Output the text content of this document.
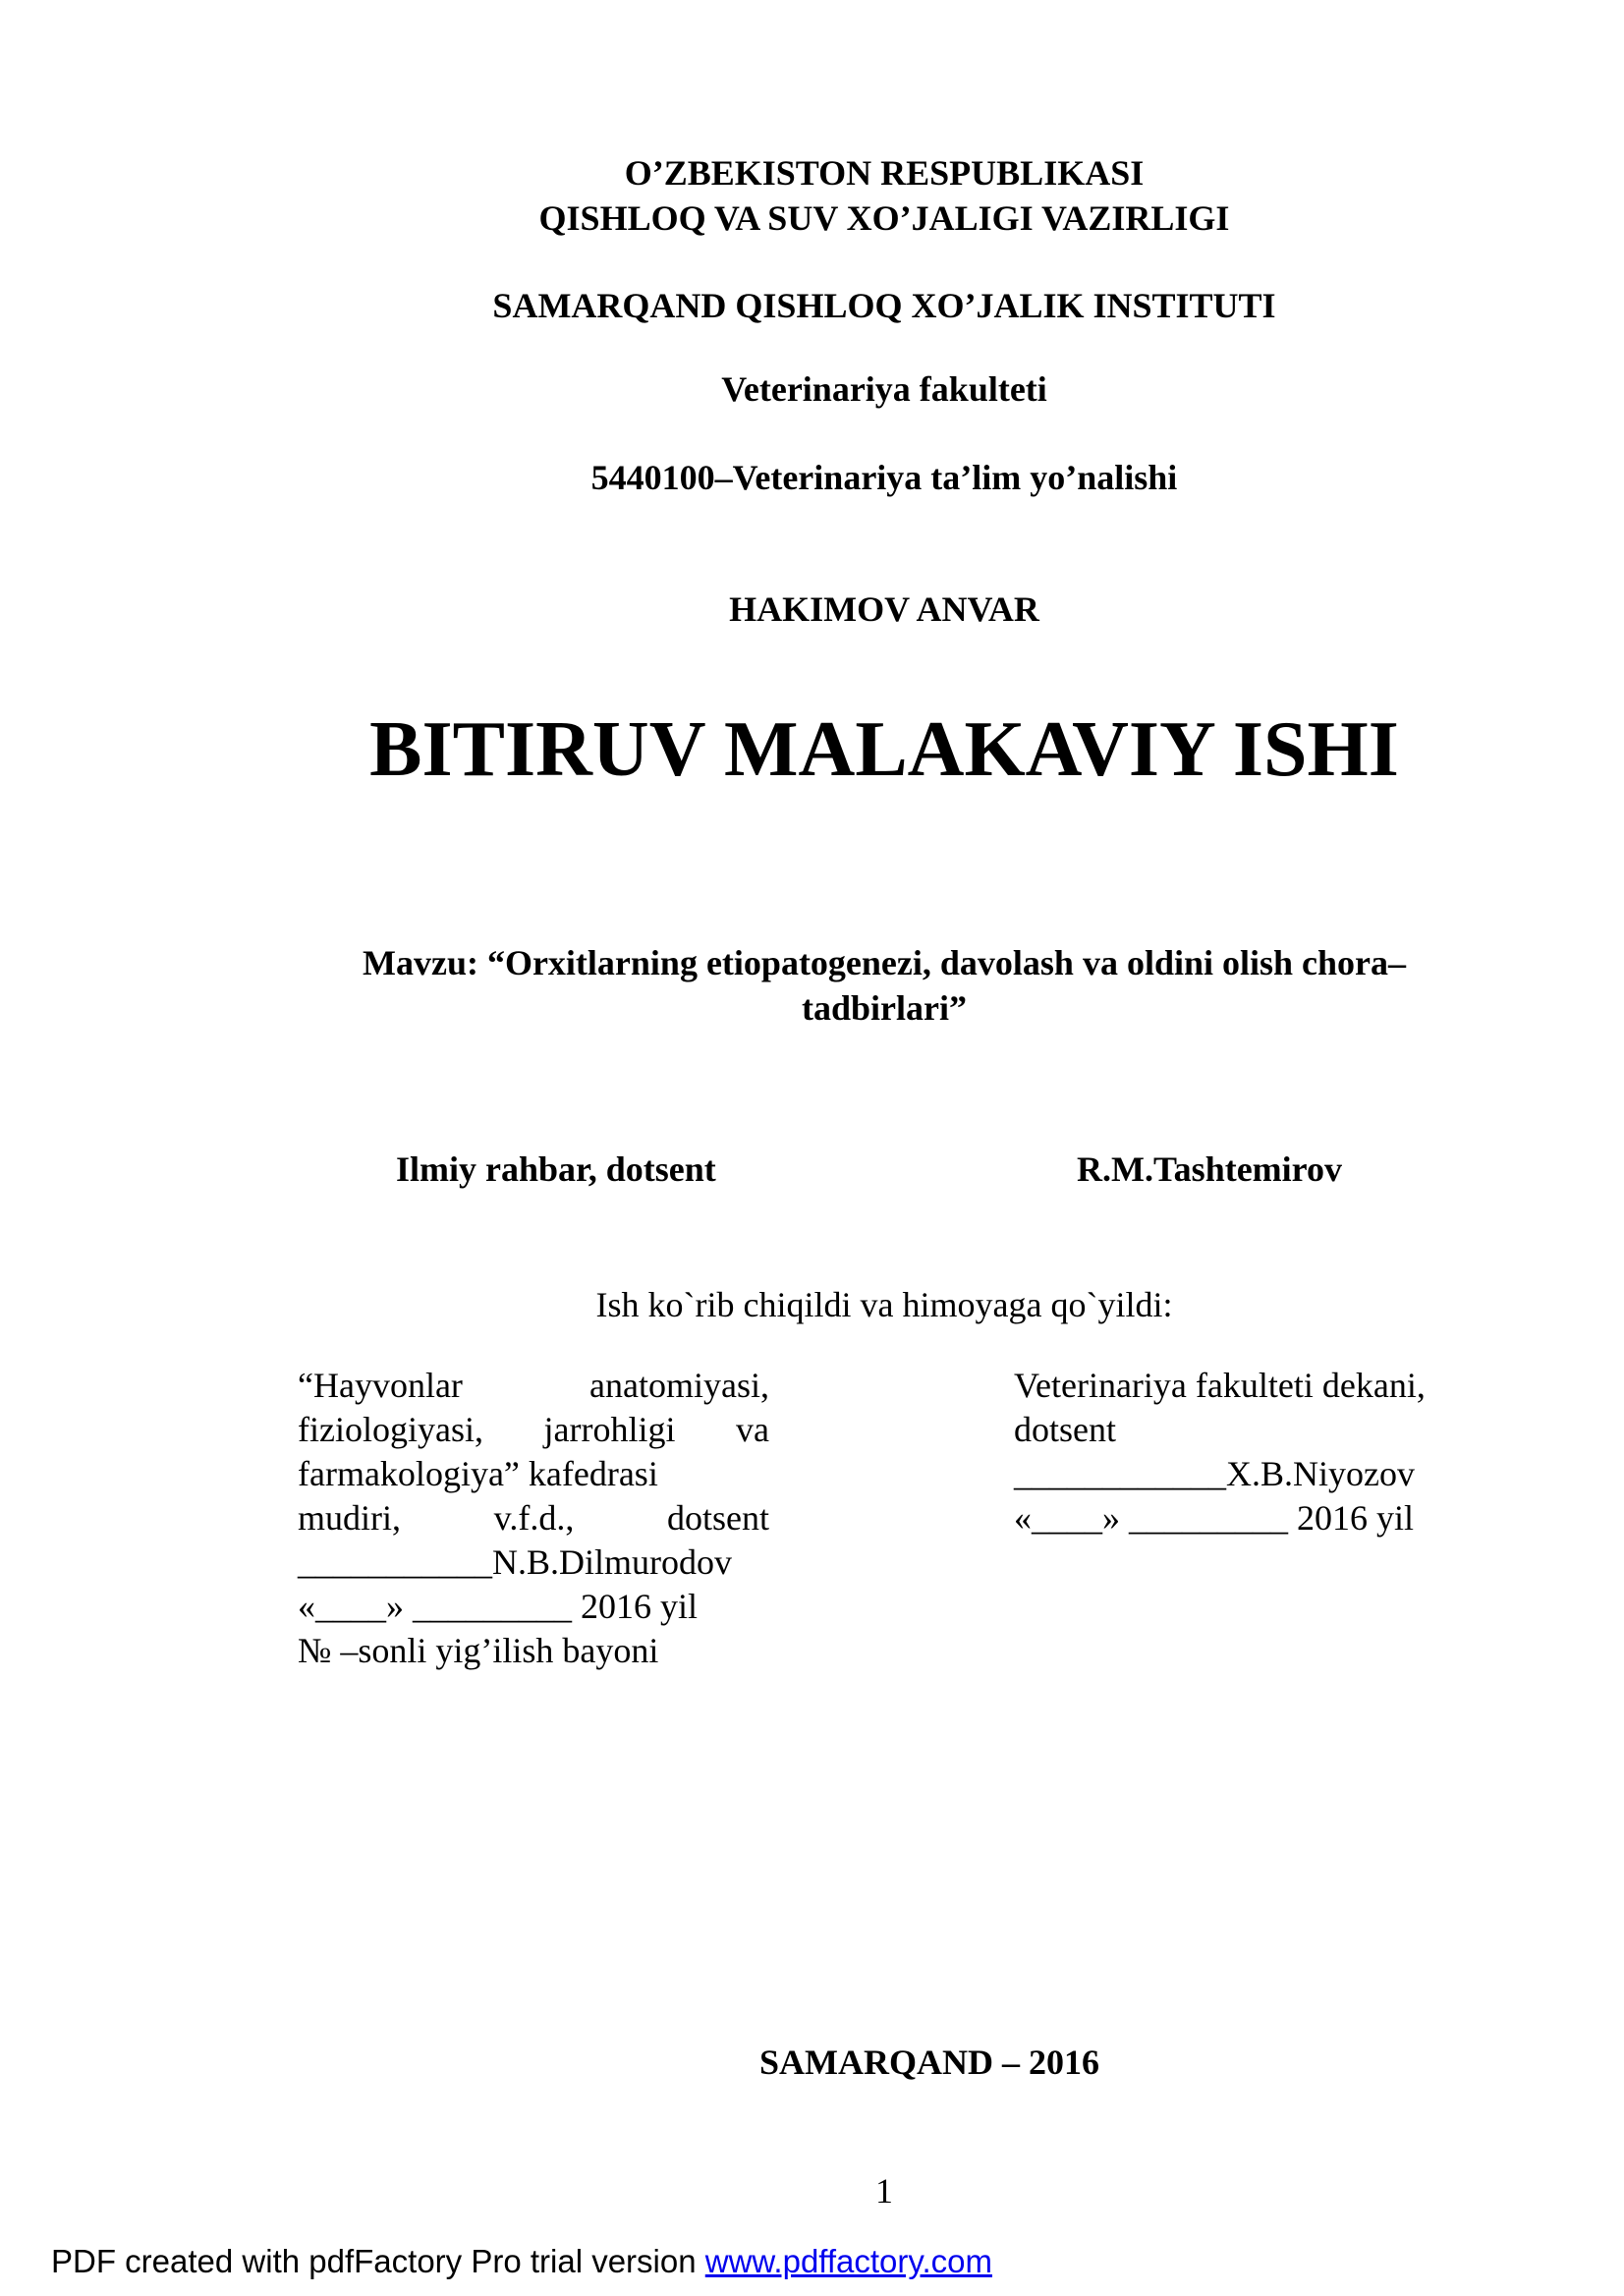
O’ZBEKISTON RESPUBLIKASI
QISHLOQ VA SUV XO’JALIGI VAZIRLIGI
SAMARQAND QISHLOQ XO’JALIK INSTITUTI
Veterinariya fakulteti
5440100–Veterinariya ta’lim yo’nalishi
HAKIMOV ANVAR
BITIRUV MALAKAVIY ISHI
Mavzu: “Orxitlarning etiopatogenezi, davolash va oldini olish chora–
tadbirlari”
Ilmiy rahbar, dotsent	R.M.Tashtemirov
Ish ko`rib chiqildi va himoyaga qo`yildi:
“Hayvonlar	anatomiyasi,
fiziologiyasi, jarrohligi va
farmakologiya” kafedrasi
mudiri,	v.f.d.,	dotsent
___________N.B.Dilmurodov
«____» _________ 2016 yil
№ –sonli yig’ilish bayoni
Veterinariya fakulteti dekani,
dotsent
____________X.B.Niyozov
«____» _________ 2016 yil
SAMARQAND – 2016
1
PDF created with pdfFactory Pro trial version www.pdffactory.com
